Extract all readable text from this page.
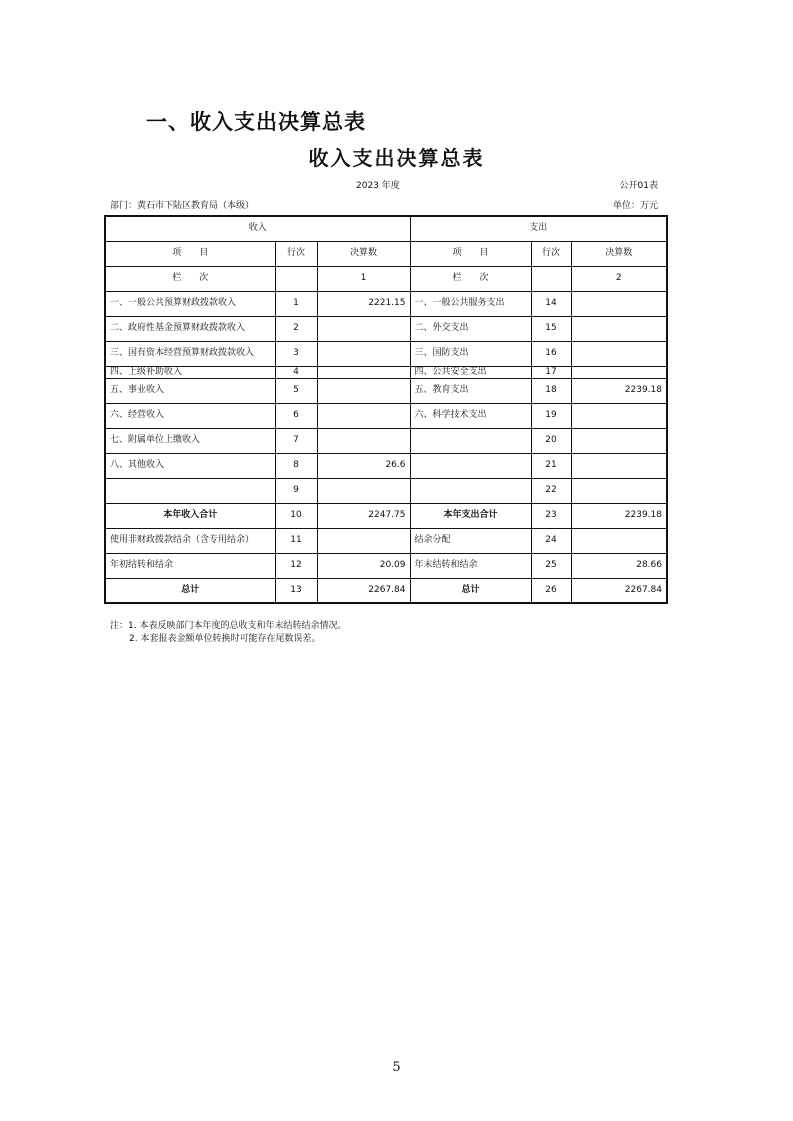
一、收入支出决算总表
收入支出决算总表
2023 年度	公开01表
部门：黄石市下陆区教育局（本级）	单位：万元
收入			支出		
项　　目	行次	决算数	项　　目	行次	决算数
栏　　次		1	栏　　次		2
一、一般公共预算财政拨款收入	1	2221.15	一、一般公共服务支出	14	
二、政府性基金预算财政拨款收入	2		二、外交支出	15	
三、国有资本经营预算财政拨款收入	3		三、国防支出	16	
四、上级补助收入	4		四、公共安全支出	17	
五、事业收入	5		五、教育支出	18	2239.18
六、经营收入	6		六、科学技术支出	19	
七、附属单位上缴收入	7			20	
八、其他收入	8	26.6		21	
	9			22	
本年收入合计	10	2247.75	本年支出合计	23	2239.18
使用非财政拨款结余（含专用结余）	11		结余分配	24	
年初结转和结余	12	20.09	年末结转和结余	25	28.66
总计	13	2267.84	总计	26	2267.84
注：1. 本表反映部门本年度的总收支和年末结转结余情况。
2. 本套报表金额单位转换时可能存在尾数误差。
5
